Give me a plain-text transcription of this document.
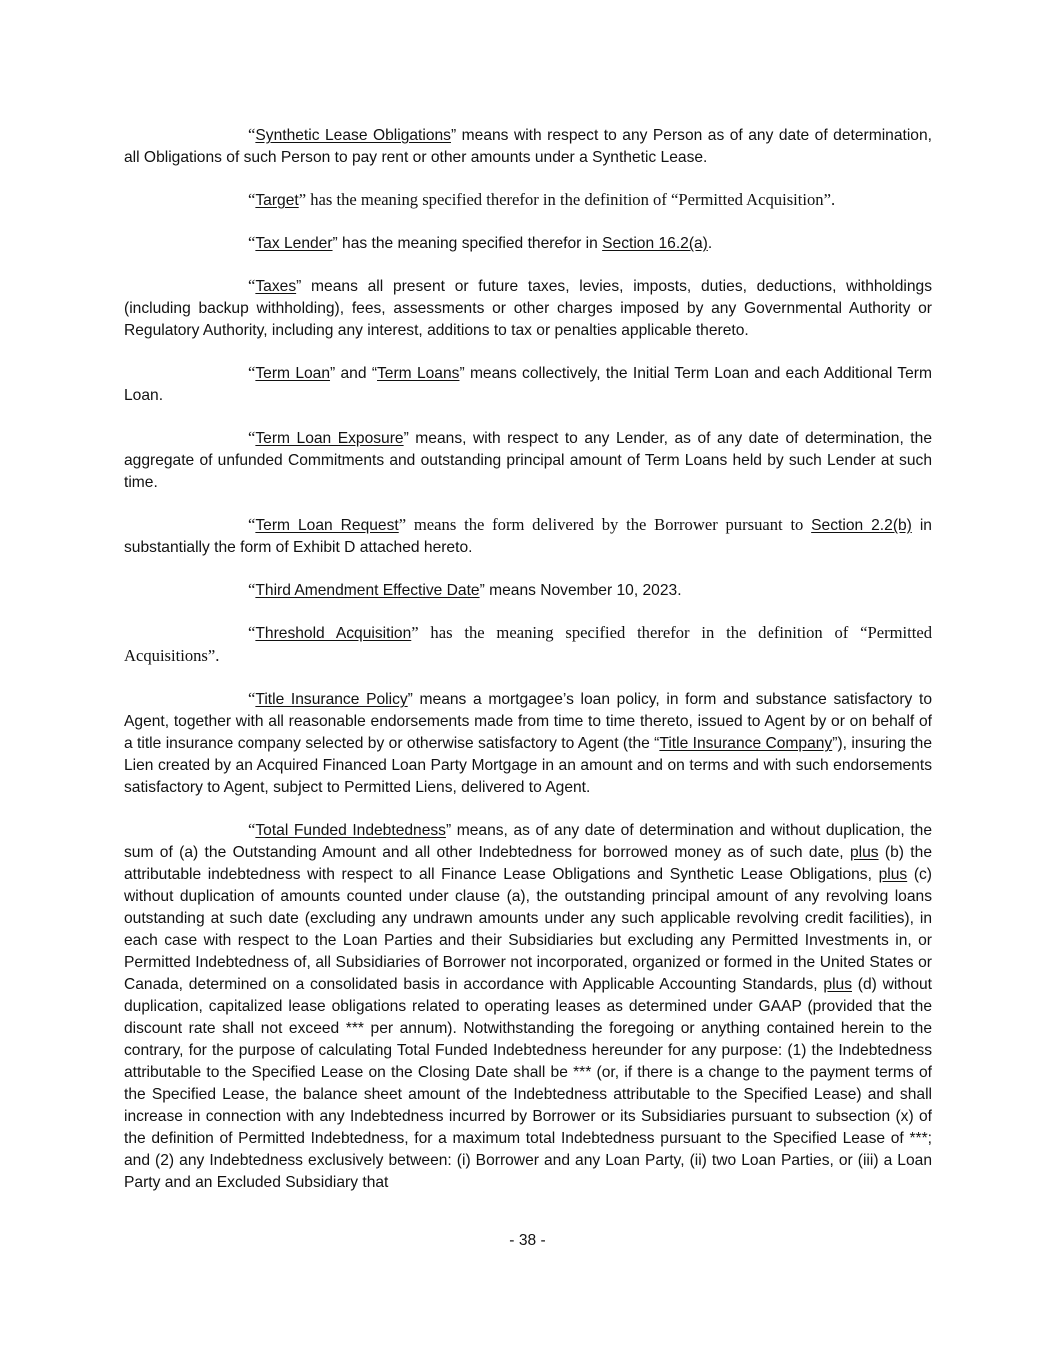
“Synthetic Lease Obligations” means with respect to any Person as of any date of determination, all Obligations of such Person to pay rent or other amounts under a Synthetic Lease.

“Target” has the meaning specified therefor in the definition of “Permitted Acquisition”.

“Tax Lender” has the meaning specified therefor in Section 16.2(a).

“Taxes” means all present or future taxes, levies, imposts, duties, deductions, withholdings (including backup withholding), fees, assessments or other charges imposed by any Governmental Authority or Regulatory Authority, including any interest, additions to tax or penalties applicable thereto.

“Term Loan” and “Term Loans” means collectively, the Initial Term Loan and each Additional Term Loan.

“Term Loan Exposure” means, with respect to any Lender, as of any date of determination, the aggregate of unfunded Commitments and outstanding principal amount of Term Loans held by such Lender at such time.

“Term Loan Request” means the form delivered by the Borrower pursuant to Section 2.2(b) in substantially the form of Exhibit D attached hereto.

“Third Amendment Effective Date” means November 10, 2023.

“Threshold Acquisition” has the meaning specified therefor in the definition of “Permitted Acquisitions”.

“Title Insurance Policy” means a mortgagee’s loan policy, in form and substance satisfactory to Agent, together with all reasonable endorsements made from time to time thereto, issued to Agent by or on behalf of a title insurance company selected by or otherwise satisfactory to Agent (the “Title Insurance Company”), insuring the Lien created by an Acquired Financed Loan Party Mortgage in an amount and on terms and with such endorsements satisfactory to Agent, subject to Permitted Liens, delivered to Agent.

“Total Funded Indebtedness” means, as of any date of determination and without duplication, the sum of (a) the Outstanding Amount and all other Indebtedness for borrowed money as of such date, plus (b) the attributable indebtedness with respect to all Finance Lease Obligations and Synthetic Lease Obligations, plus (c) without duplication of amounts counted under clause (a), the outstanding principal amount of any revolving loans outstanding at such date (excluding any undrawn amounts under any such applicable revolving credit facilities), in each case with respect to the Loan Parties and their Subsidiaries but excluding any Permitted Investments in, or Permitted Indebtedness of, all Subsidiaries of Borrower not incorporated, organized or formed in the United States or Canada, determined on a consolidated basis in accordance with Applicable Accounting Standards, plus (d) without duplication, capitalized lease obligations related to operating leases as determined under GAAP (provided that the discount rate shall not exceed *** per annum). Notwithstanding the foregoing or anything contained herein to the contrary, for the purpose of calculating Total Funded Indebtedness hereunder for any purpose: (1) the Indebtedness attributable to the Specified Lease on the Closing Date shall be *** (or, if there is a change to the payment terms of the Specified Lease, the balance sheet amount of the Indebtedness attributable to the Specified Lease) and shall increase in connection with any Indebtedness incurred by Borrower or its Subsidiaries pursuant to subsection (x) of the definition of Permitted Indebtedness, for a maximum total Indebtedness pursuant to the Specified Lease of ***; and (2) any Indebtedness exclusively between: (i) Borrower and any Loan Party, (ii) two Loan Parties, or (iii) a Loan Party and an Excluded Subsidiary that

- 38 -
